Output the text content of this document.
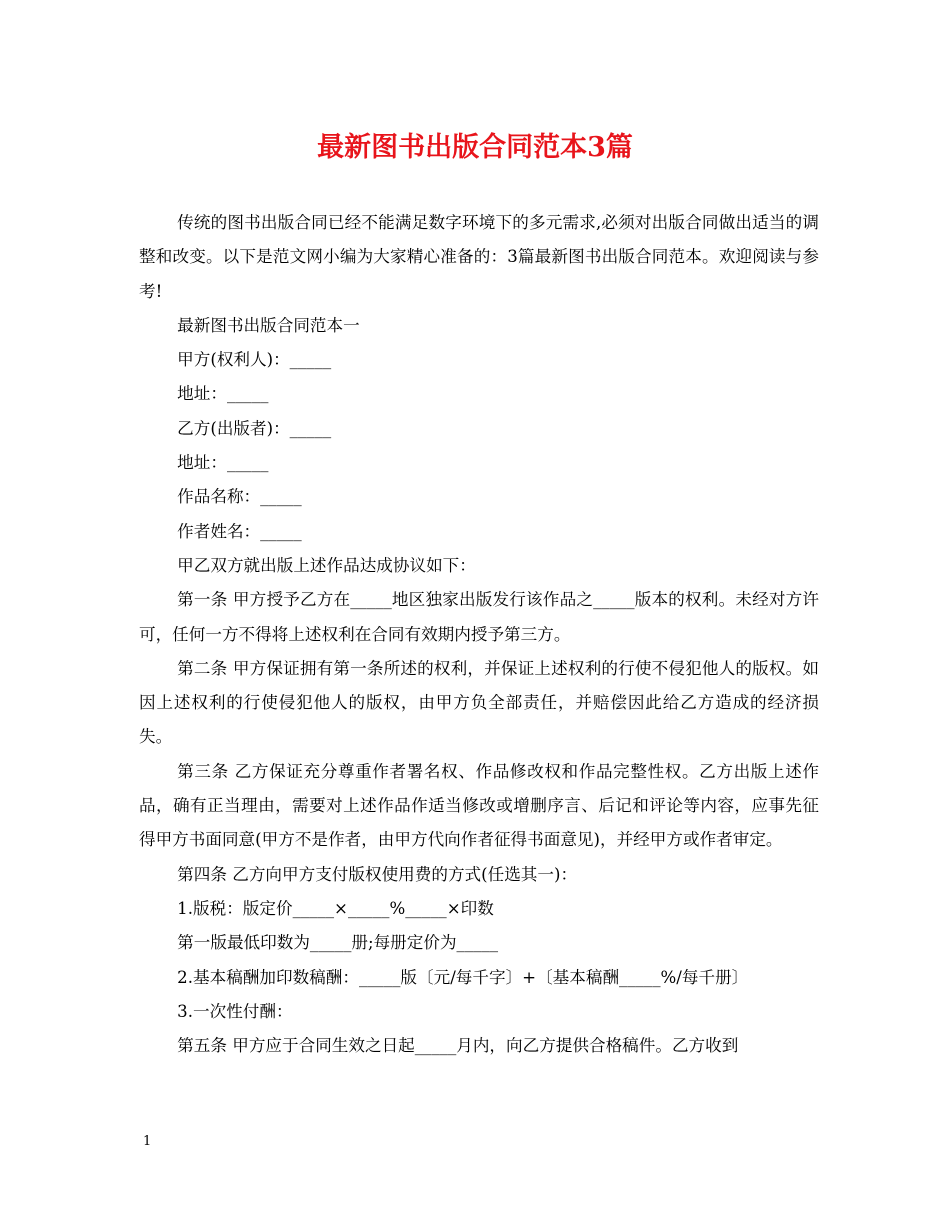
最新图书出版合同范本3篇

传统的图书出版合同已经不能满足数字环境下的多元需求,必须对出版合同做出适当的调整和改变。以下是范文网小编为大家精心准备的：3篇最新图书出版合同范本。欢迎阅读与参考!

最新图书出版合同范本一

甲方(权利人)：_____

地址：_____

乙方(出版者)：_____

地址：_____

作品名称：_____

作者姓名：_____

甲乙双方就出版上述作品达成协议如下：

第一条 甲方授予乙方在_____地区独家出版发行该作品之_____版本的权利。未经对方许可，任何一方不得将上述权利在合同有效期内授予第三方。

第二条 甲方保证拥有第一条所述的权利，并保证上述权利的行使不侵犯他人的版权。如因上述权利的行使侵犯他人的版权，由甲方负全部责任，并赔偿因此给乙方造成的经济损失。

第三条 乙方保证充分尊重作者署名权、作品修改权和作品完整性权。乙方出版上述作品，确有正当理由，需要对上述作品作适当修改或增删序言、后记和评论等内容，应事先征得甲方书面同意(甲方不是作者，由甲方代向作者征得书面意见)，并经甲方或作者审定。

第四条 乙方向甲方支付版权使用费的方式(任选其一)：

1.版税：版定价_____×_____%_____×印数

第一版最低印数为_____册;每册定价为_____

2.基本稿酬加印数稿酬：_____版〔元/每千字〕+〔基本稿酬_____%/每千册〕

3.一次性付酬：

第五条 甲方应于合同生效之日起_____月内，向乙方提供合格稿件。乙方收到

1
